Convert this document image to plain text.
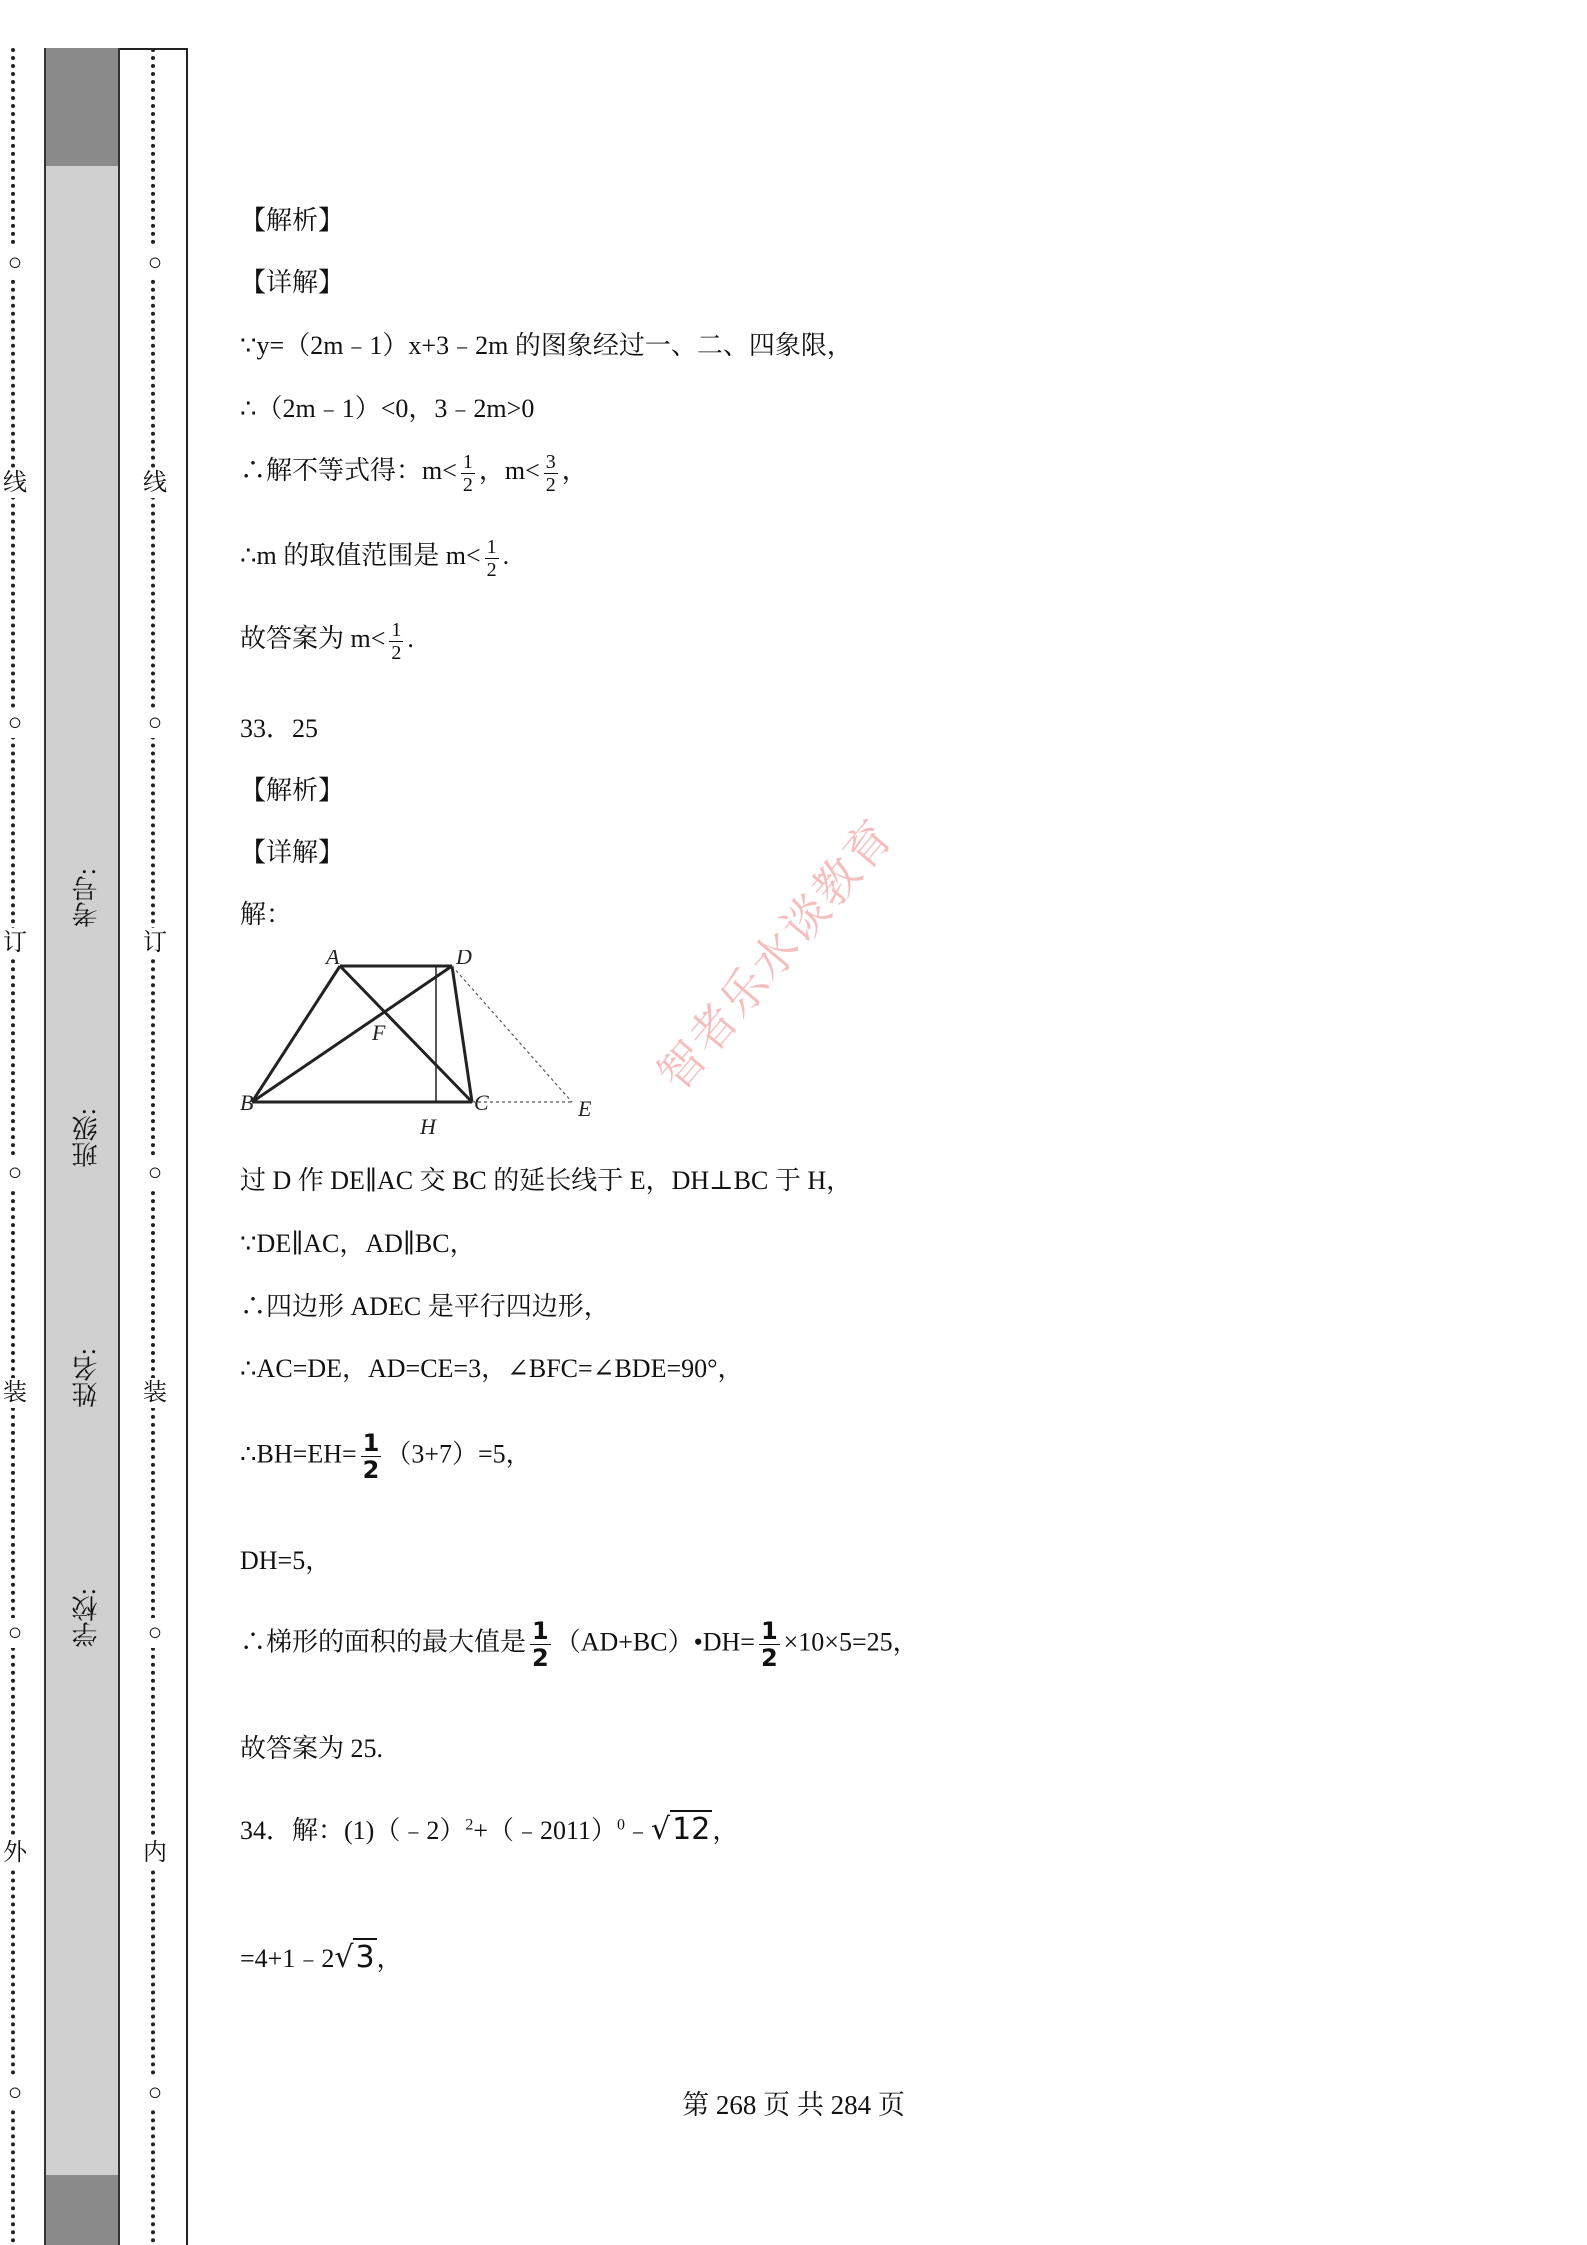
○
线
○
订
○
装
○
外
○
考号:
班级:
姓名:
学校:
○
线
○
订
○
装
○
内
○
【解析】
【详解】
∵y=（2m﹣1）x+3﹣2m 的图象经过一、二、四象限，
∴（2m﹣1）<0，3﹣2m>0
∴解不等式得：$m< \frac{1}{2}$ ，$m< \frac{3}{2}$ ，
∴m 的取值范围是 $m< \frac{1}{2}$ .
故答案为 $m< \frac{1}{2}$ .
33．25
【解析】
【详解】
解：
过 D 作 DE∥AC 交 BC 的延长线于 E，DH⊥BC 于 H，
∵DE∥AC，AD∥BC，
∴四边形 ADEC 是平行四边形，
∴AC=DE，AD=CE=3，∠BFC=∠BDE=90°，
∴BH=EH= $\frac{1}{2} (3+7)=5$，
DH=5，
∴梯形的面积的最大值是 $\frac{1}{2}$ （AD+BC）•DH= $\frac{1}{2} \times 10\times 5=25$，
故答案为 25.
34．解：(1)（﹣2）$^2$+（﹣2011）$^0$﹣√12，
=4+1﹣2√3，
A	D
F
B
H
C	E
智者乐水谈教育
第 268 页 共 284 页
